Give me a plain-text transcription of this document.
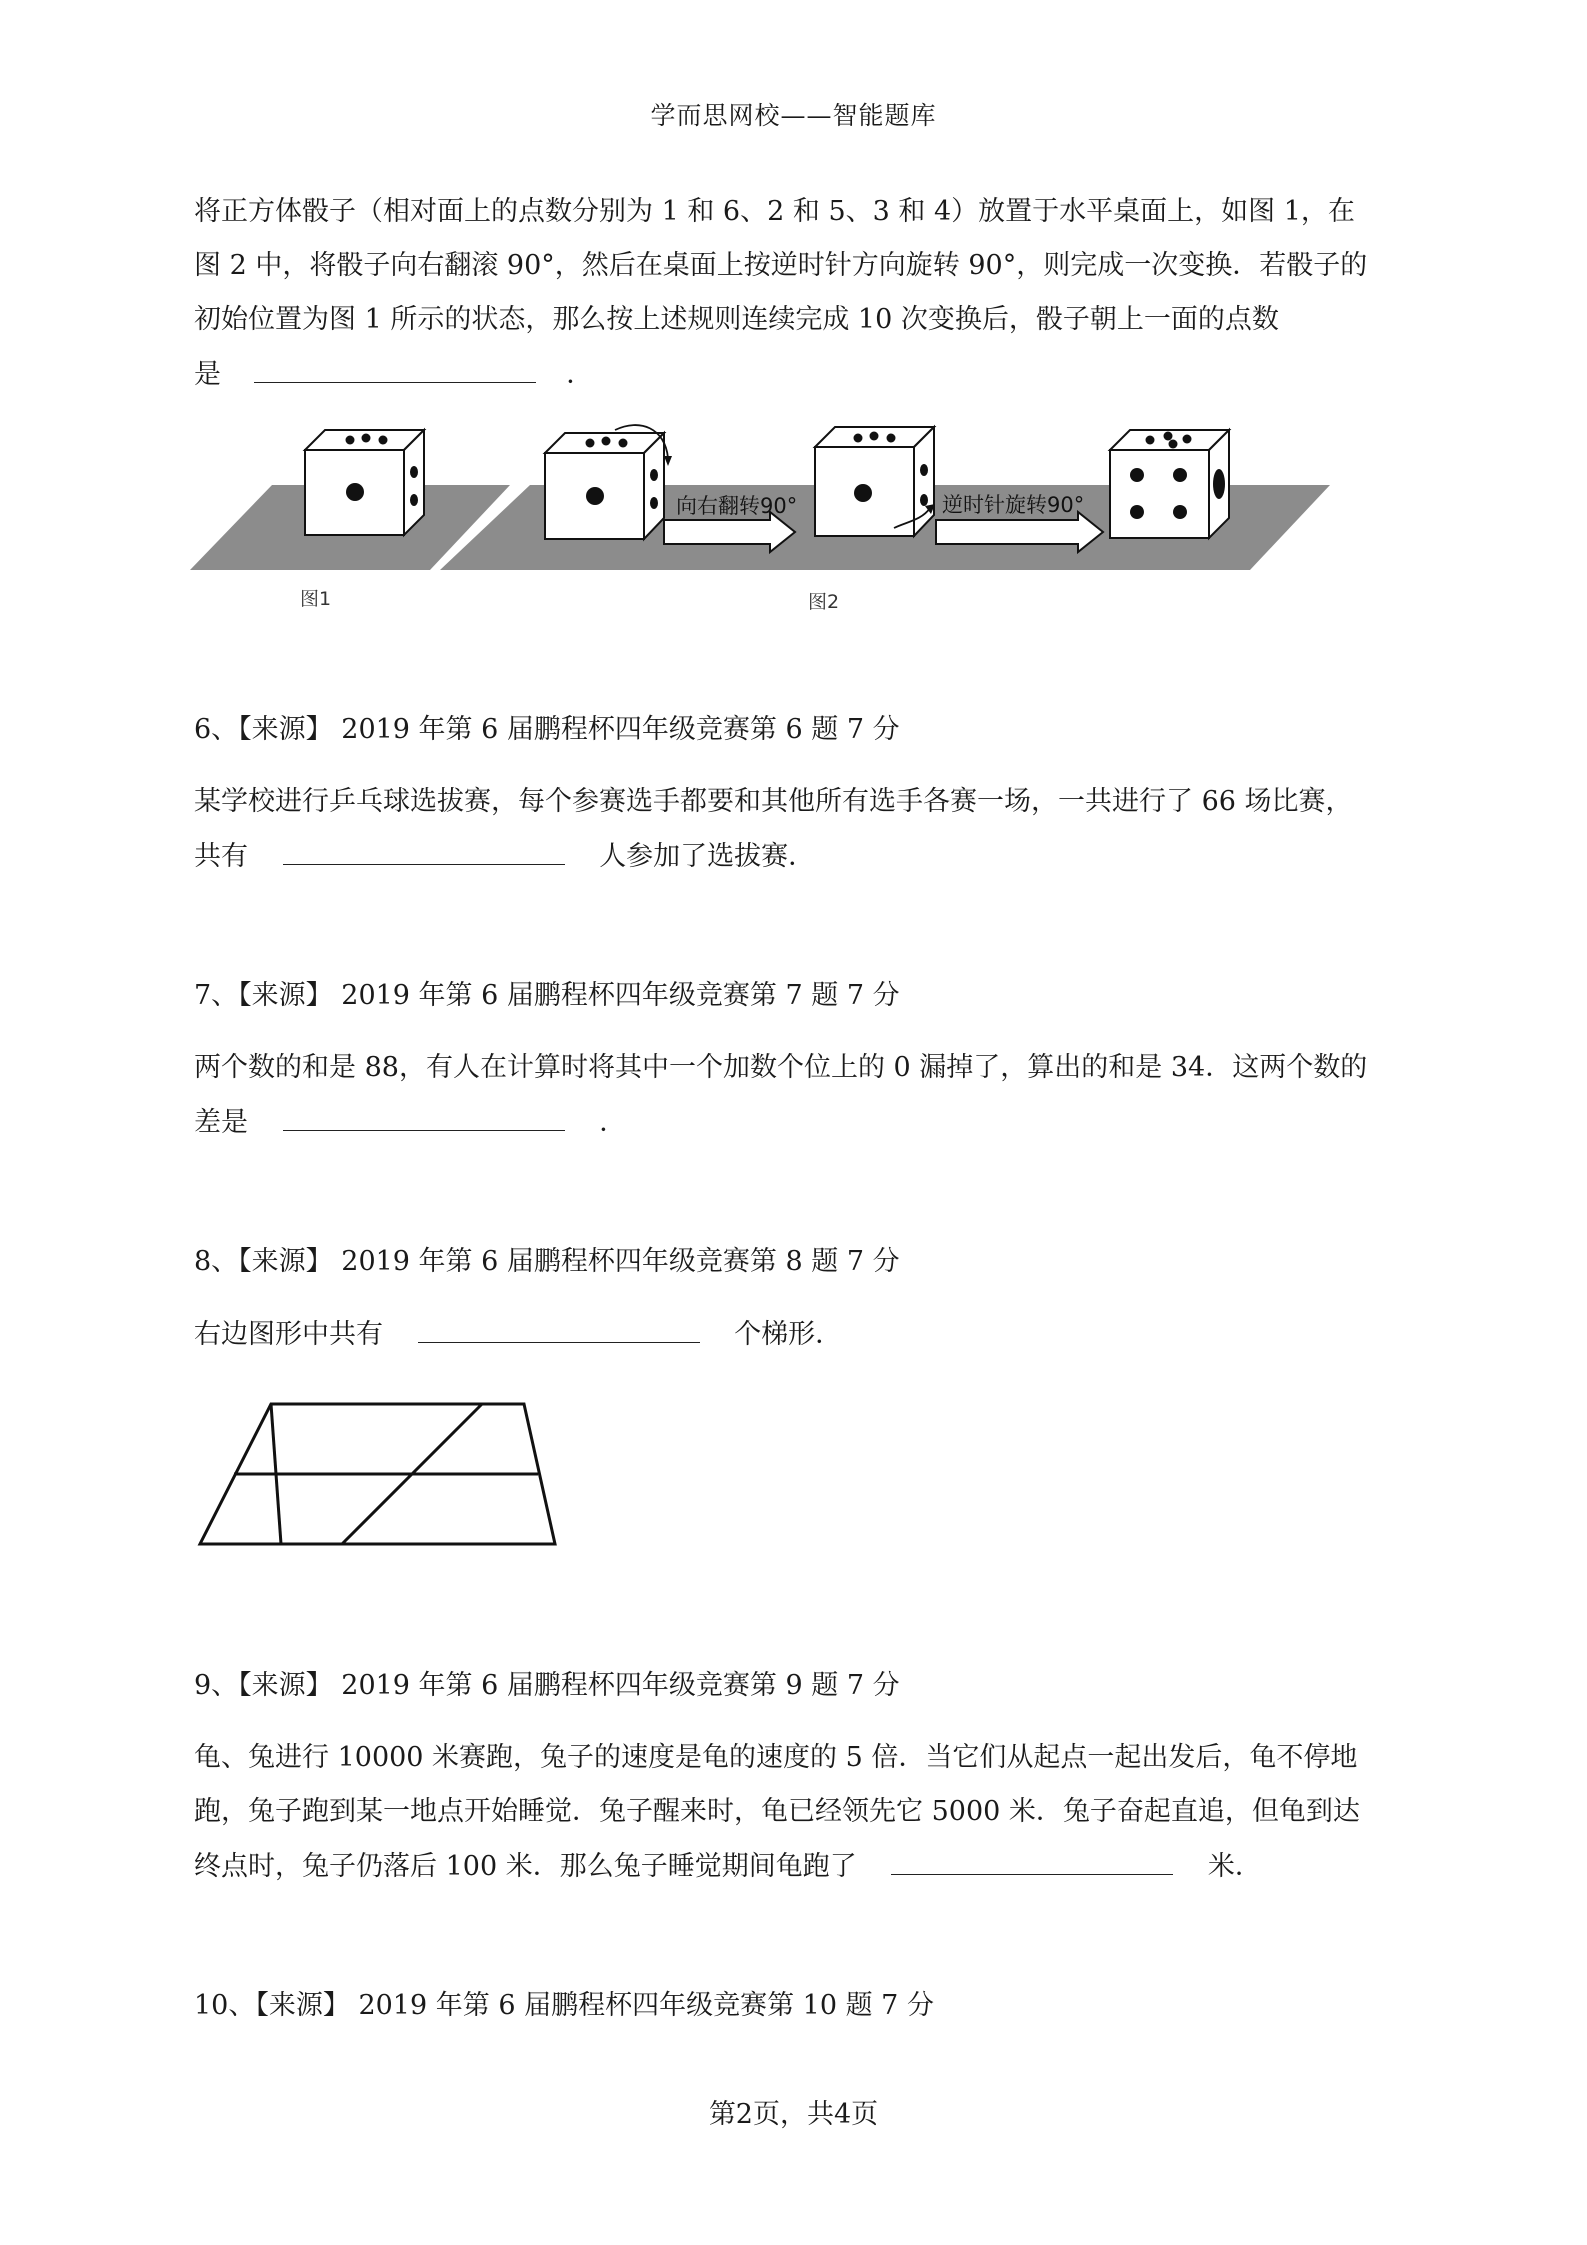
学而思网校——智能题库
将正方体骰子（相对面上的点数分别为 1 和 6、2 和 5、3 和 4）放置于水平桌面上，如图 1，在
图 2 中，将骰子向右翻滚 90°，然后在桌面上按逆时针方向旋转 90°，则完成一次变换．若骰子的
初始位置为图 1 所示的状态，那么按上述规则连续完成 10 次变换后，骰子朝上一面的点数
是	．
向右翻转90°	逆时针旋转90°
图1	图2
6、【来源】 2019 年第 6 届鹏程杯四年级竞赛第 6 题 7 分
某学校进行乒乓球选拔赛，每个参赛选手都要和其他所有选手各赛一场，一共进行了 66 场比赛，
共有	人参加了选拔赛．
7、【来源】 2019 年第 6 届鹏程杯四年级竞赛第 7 题 7 分
两个数的和是 88，有人在计算时将其中一个加数个位上的 0 漏掉了，算出的和是 34．这两个数的
差是	．
8、【来源】 2019 年第 6 届鹏程杯四年级竞赛第 8 题 7 分
右边图形中共有	个梯形．
9、【来源】 2019 年第 6 届鹏程杯四年级竞赛第 9 题 7 分
龟、兔进行 10000 米赛跑，兔子的速度是龟的速度的 5 倍．当它们从起点一起出发后，龟不停地
跑，兔子跑到某一地点开始睡觉．兔子醒来时，龟已经领先它 5000 米．兔子奋起直追，但龟到达
终点时，兔子仍落后 100 米．那么兔子睡觉期间龟跑了	米．
10、【来源】 2019 年第 6 届鹏程杯四年级竞赛第 10 题 7 分
第2页，共4页
